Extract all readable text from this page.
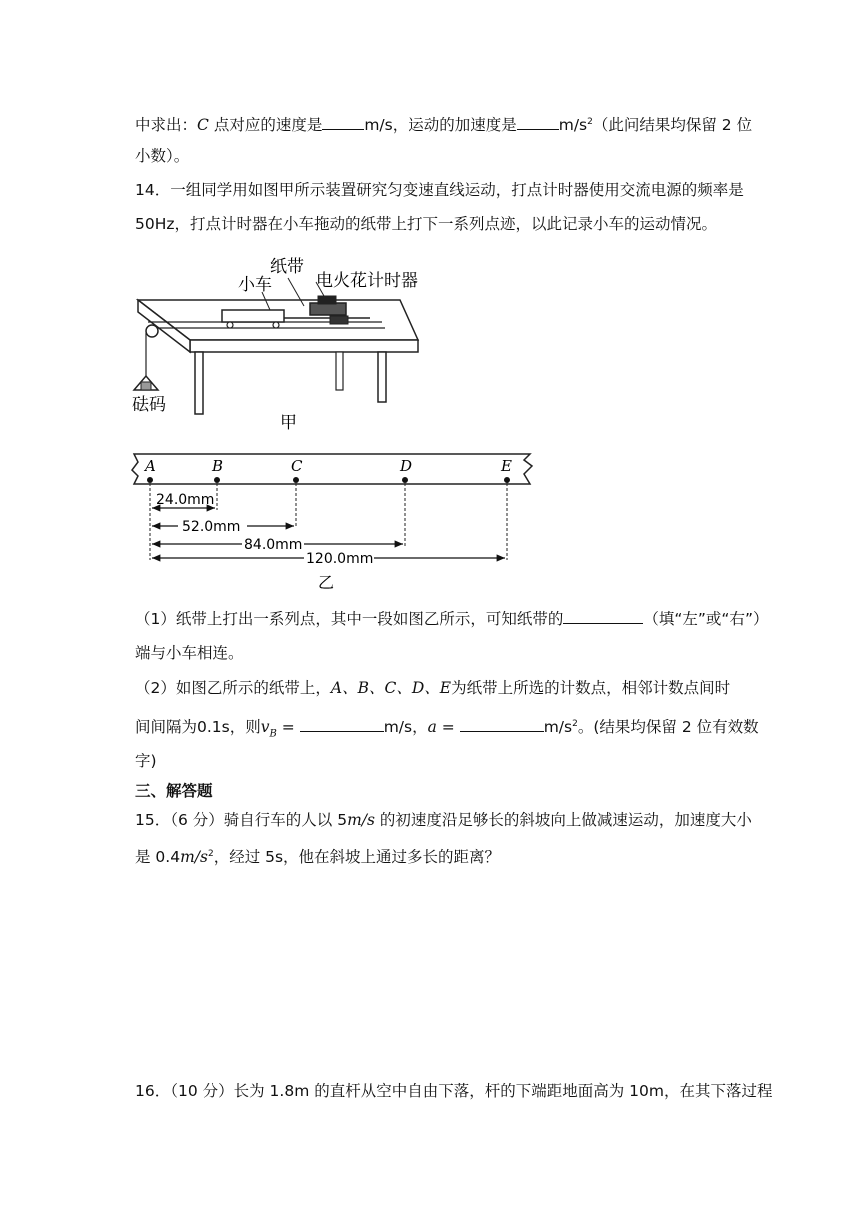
中求出：C 点对应的速度是	m/s，运动的加速度是	$m/s^2$（此问结果均保留 2 位
小数）。
14．一组同学用如图甲所示装置研究匀变速直线运动，打点计时器使用交流电源的频率是
50Hz，打点计时器在小车拖动的纸带上打下一系列点迹，以此记录小车的运动情况。
纸带
电火花计时器
小车
砝码
甲
A	B	C	D	E
24.0mm
52.0mm
84.0mm
120.0mm
乙
（1）纸带上打出一系列点，其中一段如图乙所示，可知纸带的	（填“左”或“右”）
端与小车相连。
（2）如图乙所示的纸带上，A、B、C、D、E为纸带上所选的计数点，相邻计数点间时
间间隔为0.1s，则$v_B$ =	m/s，a =	$m/s^2$。(结果均保留 2 位有效数
字)
三、解答题
15．（6 分）骑自行车的人以 5m/s 的初速度沿足够长的斜坡向上做减速运动，加速度大小
是 $0.4m/s^2$，经过 5s，他在斜坡上通过多长的距离？
16．（10 分）长为 1.8m 的直杆从空中自由下落，杆的下端距地面高为 10m，在其下落过程
